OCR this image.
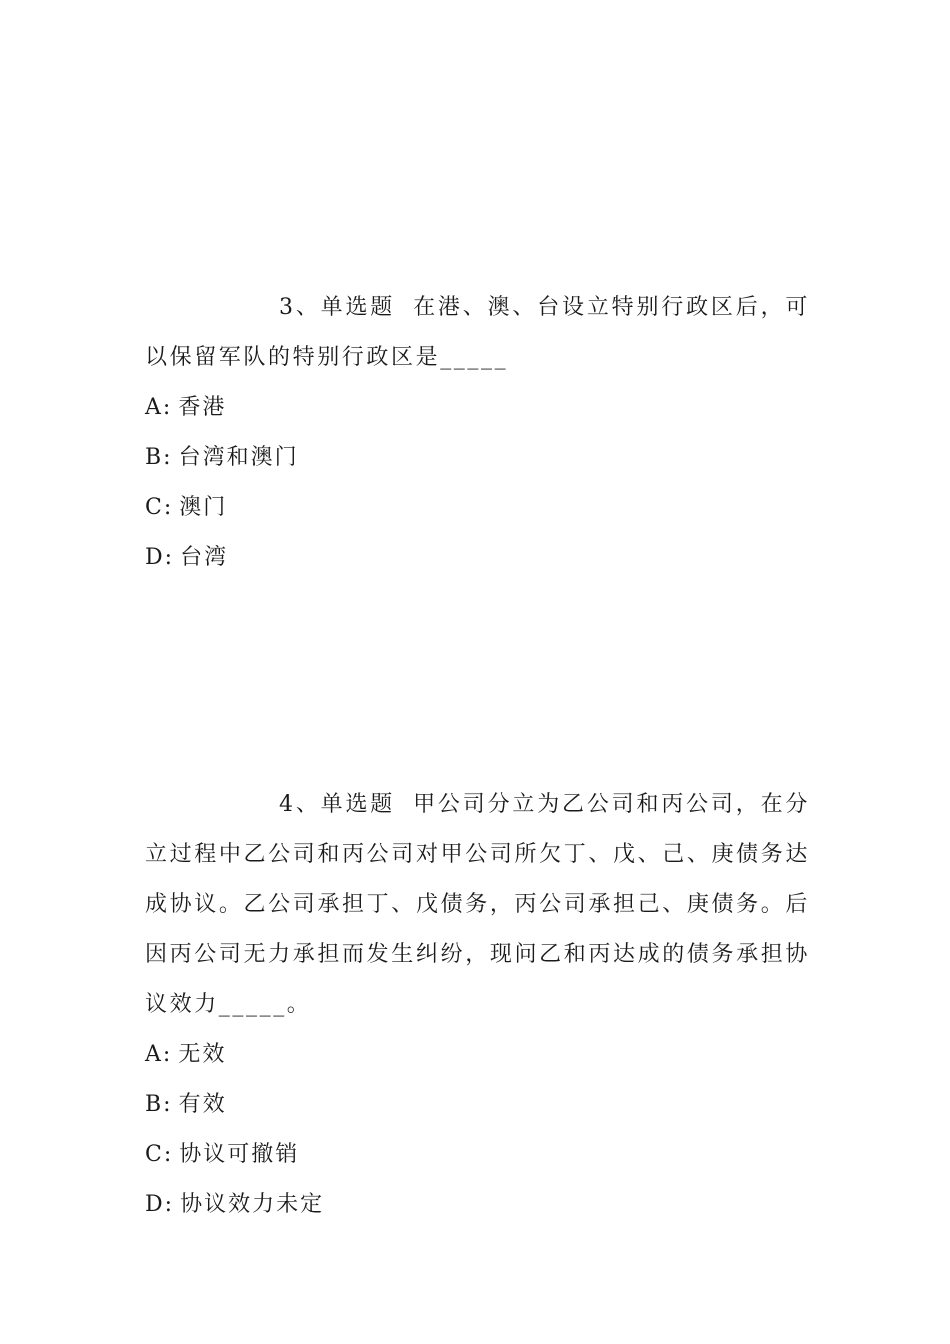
3、单选题 在港、澳、台设立特别行政区后，可以保留军队的特别行政区是_____

A: 香港

B: 台湾和澳门

C: 澳门

D: 台湾

4、单选题 甲公司分立为乙公司和丙公司，在分立过程中乙公司和丙公司对甲公司所欠丁、戊、己、庚债务达成协议。乙公司承担丁、戊债务，丙公司承担己、庚债务。后因丙公司无力承担而发生纠纷，现问乙和丙达成的债务承担协议效力_____。

A: 无效

B: 有效

C: 协议可撤销

D: 协议效力未定
